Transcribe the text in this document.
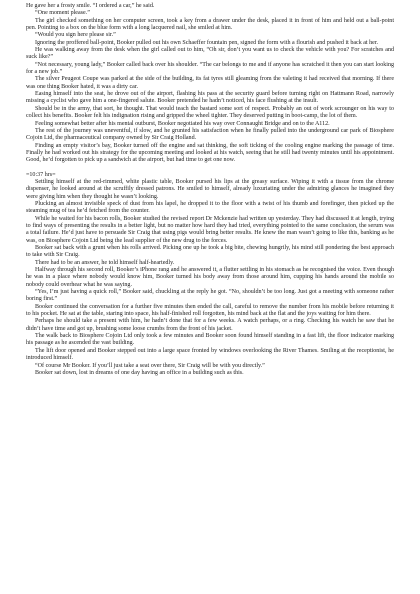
He gave her a frosty smile. “I ordered a car,” he said.

“One moment please.”

The girl checked something on her computer screen, took a key from a drawer under the desk, placed it in front of him and held out a ball-point pen. Pointing to a box on the blue form with a long lacquered nail, she smiled at him.

“Would you sign here please sir.”

Ignoring the proffered ball-point, Booker pulled out his own Schaeffer fountain pen, signed the form with a flourish and pushed it back at her.

He was walking away from the desk when the girl called out to him, “Oh sir, don’t you want us to check the vehicle with you? For scratches and suck like?”

“Not necessary, young lady,” Booker called back over his shoulder. “The car belongs to me and if anyone has scratched it then you can start looking for a new job.”

The silver Peugeot Coupe was parked at the side of the building, its fat tyres still gleaming from the valeting it had received that morning. If there was one thing Booker hated, it was a dirty car.

Easing himself into the seat, he drove out of the airport, flashing his pass at the security guard before turning right on Hattmann Road, narrowly missing a cyclist who gave him a one-fingered salute. Booker pretended he hadn’t noticed, his face flushing at the insult.

Should be in the army, that sort, he thought. That would teach the bastard some sort of respect. Probably an out of work scrounger on his way to collect his benefits. Booker felt his indignation rising and gripped the wheel tighter. They deserved putting in boot-camp, the lot of them.

Feeling somewhat better after his mental outburst, Booker negotiated his way over Connaught Bridge and on to the A112.

The rest of the journey was uneventful, if slow, and he grunted his satisfaction when he finally pulled into the underground car park of Biosphere Cojoin Ltd, the pharmaceutical company owned by Sir Craig Holland.

Finding an empty visitor’s bay, Booker turned off the engine and sat thinking, the soft ticking of the cooling engine marking the passage of time. Finally he had worked out his strategy for the upcoming meeting and looked at his watch, seeing that he still had twenty minutes until his appointment. Good, he’d forgotten to pick up a sandwich at the airport, but had time to get one now.

=10:37 hrs=

Settling himself at the red-rimmed, white plastic table, Booker pursed his lips at the greasy surface. Wiping it with a tissue from the chrome dispenser, he looked around at the scruffily dressed patrons. He smiled to himself, already luxuriating under the admiring glances he imagined they were giving him when they thought he wasn’t looking.

Plucking an almost invisible speck of dust from his lapel, he dropped it to the floor with a twist of his thumb and forefinger, then picked up the steaming mug of tea he’d fetched from the counter.

While he waited for his bacon rolls, Booker studied the revised report Dr Mckenzie had written up yesterday. They had discussed it at length, trying to find ways of presenting the results in a better light, but no matter how hard they had tried, everything pointed to the same conclusion, the serum was a total failure. He’d just have to persuade Sir Craig that using pigs would bring better results. He knew the man wasn’t going to like this, banking as he was, on Biosphere Cojoin Ltd being the lead supplier of the new drug to the forces.

Booker sat back with a grunt when his rolls arrived. Picking one up he took a big bite, chewing hungrily, his mind still pondering the best approach to take with Sir Craig.

There had to be an answer, he told himself half-heartedly.

Halfway through his second roll, Booker’s iPhone rang and he answered it, a flutter settling in his stomach as he recognised the voice. Even though he was in a place where nobody would know him, Booker turned his body away from those around him, cupping his hands around the mobile so nobody could overhear what he was saying.

“Yes, I’m just having a quick roll,” Booker said, chuckling at the reply he got. “No, shouldn’t be too long. Just got a meeting with someone rather boring first.”

Booker continued the conversation for a further five minutes then ended the call, careful to remove the number from his mobile before returning it to his pocket. He sat at the table, staring into space, his half-finished roll forgotten, his mind back at the flat and the joys waiting for him there.

Perhaps he should take a present with him, he hadn’t done that for a few weeks. A watch perhaps, or a ring. Checking his watch he saw that he didn’t have time and got up, brushing some loose crumbs from the front of his jacket.

The walk back to Biosphere Cojoin Ltd only took a few minutes and Booker soon found himself standing in a fast lift, the floor indicator marking his passage as he ascended the vast building.

The lift door opened and Booker stepped out into a large space fronted by windows overlooking the River Thames. Smiling at the receptionist, he introduced himself.

“Of course Mr Booker. If you’ll just take a seat over there, Sir Craig will be with you directly.”

Booker sat down, lost in dreams of one day having an office in a building such as this.
